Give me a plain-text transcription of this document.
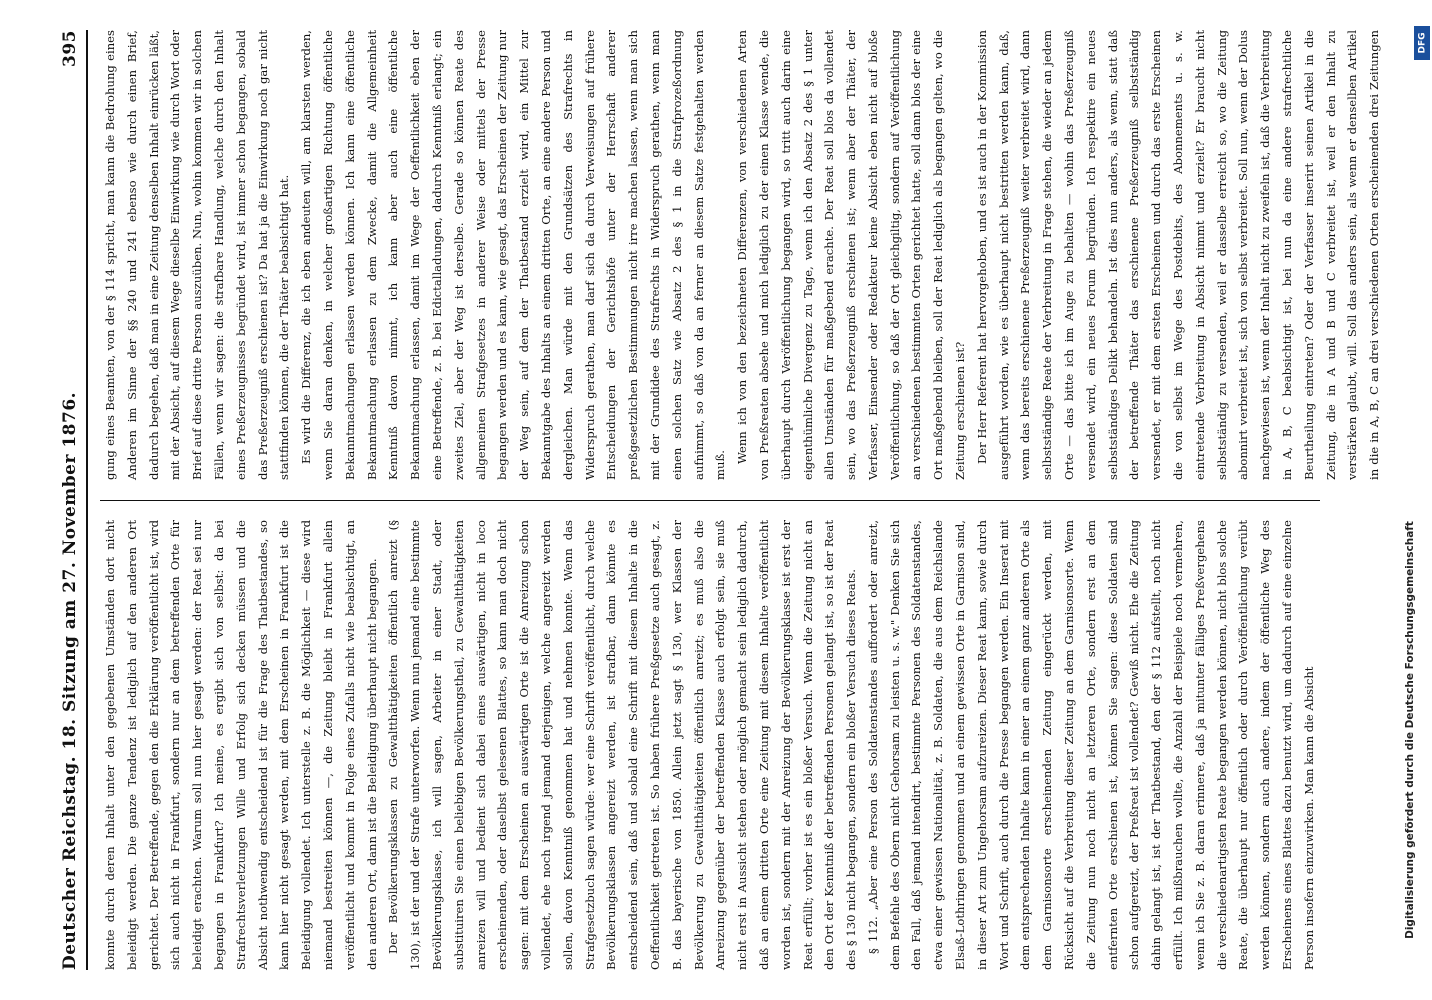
Deutscher Reichstag. 18. Sitzung am 27. November 1876.
395

konnte durch deren Inhalt unter den gegebenen Umständen dort nicht beleidigt werden. Die ganze Tendenz ist lediglich auf den anderen Ort gerichtet. Der Betreffende, gegen den die Erklärung veröffentlicht ist, wird sich auch nicht in Frankfurt, sondern nur an dem betreffenden Orte für beleidigt erachten. Warum soll nun hier gesagt werden: der Reat sei nur begangen in Frankfurt? Ich meine, es ergibt sich von selbst: da bei Strafrechtsverletzungen Wille und Erfolg sich decken müssen und die Absicht nothwendig entscheidend ist für die Frage des Thatbestandes, so kann hier nicht gesagt werden, mit dem Erscheinen in Frankfurt ist die Beleidigung vollendet. Ich unterstelle z. B. die Möglichkeit — diese wird niemand bestreiten können —, die Zeitung bleibt in Frankfurt allein veröffentlicht und kommt in Folge eines Zufalls nicht wie beabsichtigt, an den anderen Ort, dann ist die Beleidigung überhaupt nicht begangen. Der Bevölkerungsklassen zu Gewaltthätigkeiten öffentlich anreizt (§ 130), ist der und der Strafe unterworfen. Wenn nun jemand eine bestimmte Bevölkerungsklasse, ich will sagen, Arbeiter in einer Stadt, oder substituiren Sie einen beliebigen Bevölkerungstheil, zu Gewaltthätigkeiten anreizen will und bedient sich dabei eines auswärtigen, nicht in loco erscheinenden, oder daselbst gelesenen Blattes, so kann man doch nicht sagen: mit dem Erscheinen an auswärtigen Orte ist die Anreizung schon vollendet, ehe noch irgend jemand derjenigen, welche angereizt werden sollen, davon Kenntniß genommen hat und nehmen konnte. Wenn das Strafgesetzbuch sagen würde: wer eine Schrift veröffentlicht, durch welche Bevölkerungsklassen angereizt werden, ist strafbar, dann könnte es entscheidend sein, daß und sobald eine Schrift mit diesem Inhalte in die Oeffentlichkeit getreten ist. So haben frühere Preßgesetze auch gesagt, z. B. das bayerische von 1850. Allein jetzt sagt § 130, wer Klassen der Bevölkerung zu Gewaltthätigkeiten öffentlich anreizt; es muß also die Anreizung gegenüber der betreffenden Klasse auch erfolgt sein, sie muß nicht erst in Aussicht stehen oder möglich gemacht sein lediglich dadurch, daß an einem dritten Orte eine Zeitung mit diesem Inhalte veröffentlicht worden ist, sondern mit der Anreizung der Bevölkerungsklasse ist erst der Reat erfüllt; vorher ist es ein bloßer Versuch. Wenn die Zeitung nicht an den Ort der Kenntniß der betreffenden Personen gelangt ist, so ist der Reat des § 130 nicht begangen, sondern ein bloßer Versuch dieses Reats. § 112. „Aber eine Person des Soldatenstandes auffordert oder anreizt, dem Befehle des Obern nicht Gehorsam zu leisten u. s. w." Denken Sie sich den Fall, daß jemand intendirt, bestimmte Personen des Soldatenstandes, etwa einer gewissen Nationalität, z. B. Soldaten, die aus dem Reichslande Elsaß-Lothringen genommen und an einem gewissen Orte in Garnison sind, in dieser Art zum Ungehorsam aufzureizen. Dieser Reat kann, sowie durch Wort und Schrift, auch durch die Presse begangen werden. Ein Inserat mit dem entsprechenden Inhalte kann in einer an einem ganz anderen Orte als dem Garnisonsorte erscheinenden Zeitung eingerückt werden, mit Rücksicht auf die Verbreitung dieser Zeitung an dem Garnisonsorte. Wenn die Zeitung nun noch nicht an letzteren Orte, sondern erst an dem entfernten Orte erschienen ist, können Sie sagen: diese Soldaten sind schon aufgereizt, der Preßreat ist vollendet? Gewiß nicht. Ehe die Zeitung dahin gelangt ist, ist der Thatbestand, den der § 112 aufstellt, noch nicht erfüllt. Ich mißbrauchen wollte, die Anzahl der Beispiele noch vermehren, wenn ich Sie z. B. daran erinnere, daß ja mitunter fälliges Preßvergehens die verschiedenartigsten Reate begangen werden können, nicht blos solche Reate, die überhaupt nur öffentlich oder durch Veröffentlichung verübt werden können, sondern auch andere, indem der öffentliche Weg des Erscheinens eines Blattes dazu benutzt wird, um dadurch auf eine einzelne Person insofern einzuwirken. Man kann die Absicht

gung eines Beamten, von der § 114 spricht, man kann die Bedrohung eines Anderen im Sinne der §§ 240 und 241 ebenso wie durch einen Brief, dadurch begehen, daß man in eine Zeitung denselben Inhalt einrücken läßt, mit der Absicht, auf diesem Wege dieselbe Einwirkung wie durch Wort oder Brief auf diese dritte Person auszuüben. Nun, wohin kommen wir in solchen Fällen, wenn wir sagen: die strafbare Handlung, welche durch den Inhalt eines Preßerzeugnisses begründet wird, ist immer schon begangen, sobald das Preßerzeugniß erschienen ist? Da hat ja die Einwirkung noch gar nicht stattfinden können, die der Thäter beabsichtigt hat. Es wird die Differenz, die ich eben andeuten will, am klarsten werden, wenn Sie daran denken, in welcher großartigen Richtung öffentliche Bekanntmachungen erlassen werden können. Ich kann eine öffentliche Bekanntmachung erlassen zu dem Zwecke, damit die Allgemeinheit Kenntniß davon nimmt, ich kann aber auch eine öffentliche Bekanntmachung erlassen, damit im Wege der Oeffentlichkeit eben der eine Betreffende, z. B. bei Edictalladungen, dadurch Kenntniß erlangt; ein zweites Ziel, aber der Weg ist derselbe. Gerade so können Reate des allgemeinen Strafgesetzes in anderer Weise oder mittels der Presse begangen werden und es kann, wie gesagt, das Erscheinen der Zeitung nur der Weg sein, auf dem der Thatbestand erzielt wird, ein Mittel zur Bekanntgabe des Inhalts an einem dritten Orte, an eine andere Person und dergleichen. Man würde mit den Grundsätzen des Strafrechts in Widerspruch gerathen, man darf sich da durch Verweisungen auf frühere Entscheidungen der Gerichtshöfe unter der Herrschaft anderer preßgesetzlichen Bestimmungen nicht irre machen lassen, wenn man sich mit der Grundidee des Strafrechts in Widerspruch gerathen, wenn man einen solchen Satz wie Absatz 2 des § 1 in die Strafprozeßordnung aufnimmt, so daß von da an ferner an diesem Satze festgehalten werden muß.

Wenn ich von den bezeichneten Differenzen, von verschiedenen Arten von Preßreaten absehe und mich lediglich zu der einen Klasse wende, die überhaupt durch Veröffentlichung begangen wird, so tritt auch darin eine eigenthümliche Divergenz zu Tage, wenn ich den Absatz 2 des § 1 unter allen Umständen für maßgebend erachte. Der Reat soll blos da vollendet sein, wo das Preßerzeugniß erschienen ist; wenn aber der Thäter, der Verfasser, Einsender oder Redakteur keine Absicht eben nicht auf bloße Veröffentlichung, so daß der Ort gleichgiltig, sondern auf Veröffentlichung an verschiedenen bestimmten Orten gerichtet hatte, soll dann blos der eine Ort maßgebend bleiben, soll der Reat lediglich als begangen gelten, wo die Zeitung erschienen ist? Der Herr Referent hat hervorgehoben, und es ist auch in der Kommission ausgeführt worden, wie es überhaupt nicht bestritten werden kann, daß, wenn das bereits erschienene Preßerzeugniß weiter verbreitet wird, dann selbstständige Reate der Verbreitung in Frage stehen, die wieder an jedem Orte — das bitte ich im Auge zu behalten — wohin das Preßerzeugniß versendet wird, ein neues Forum begründen. Ich respektire ein neues selbstständiges Delikt behandeln. Ist dies nun anders, als wenn, statt daß der betreffende Thäter das erschienene Preßerzeugniß selbstständig versendet, er mit dem ersten Erscheinen und durch das erste Erscheinen die von selbst im Wege des Postdebits, des Abonnements u. s. w. eintretende Verbreitung in Absicht nimmt und erzielt? Er braucht nicht selbstständig zu versenden, weil er dasselbe erreicht so, wo die Zeitung abonnirt verbreitet ist, sich von selbst verbreitet. Soll nun, wenn der Dolus nachgewiesen ist, wenn der Inhalt nicht zu zweifeln ist, daß die Verbreitung in A, B, C beabsichtigt ist, bei nun da eine andere strafrechtliche Beurtheilung eintreten? Oder der Verfasser inserirt seinen Artikel in die Zeitung, die in A und B und C verbreitet ist, weil er den Inhalt zu verstärken glaubt, will. Soll das anders sein, als wenn er denselben Artikel in die in A, B, C an drei verschiedenen Orten erscheinenden drei Zeitungen	DFG
Digitalisierung gefördert durch die Deutsche Forschungsgemeinschaft
